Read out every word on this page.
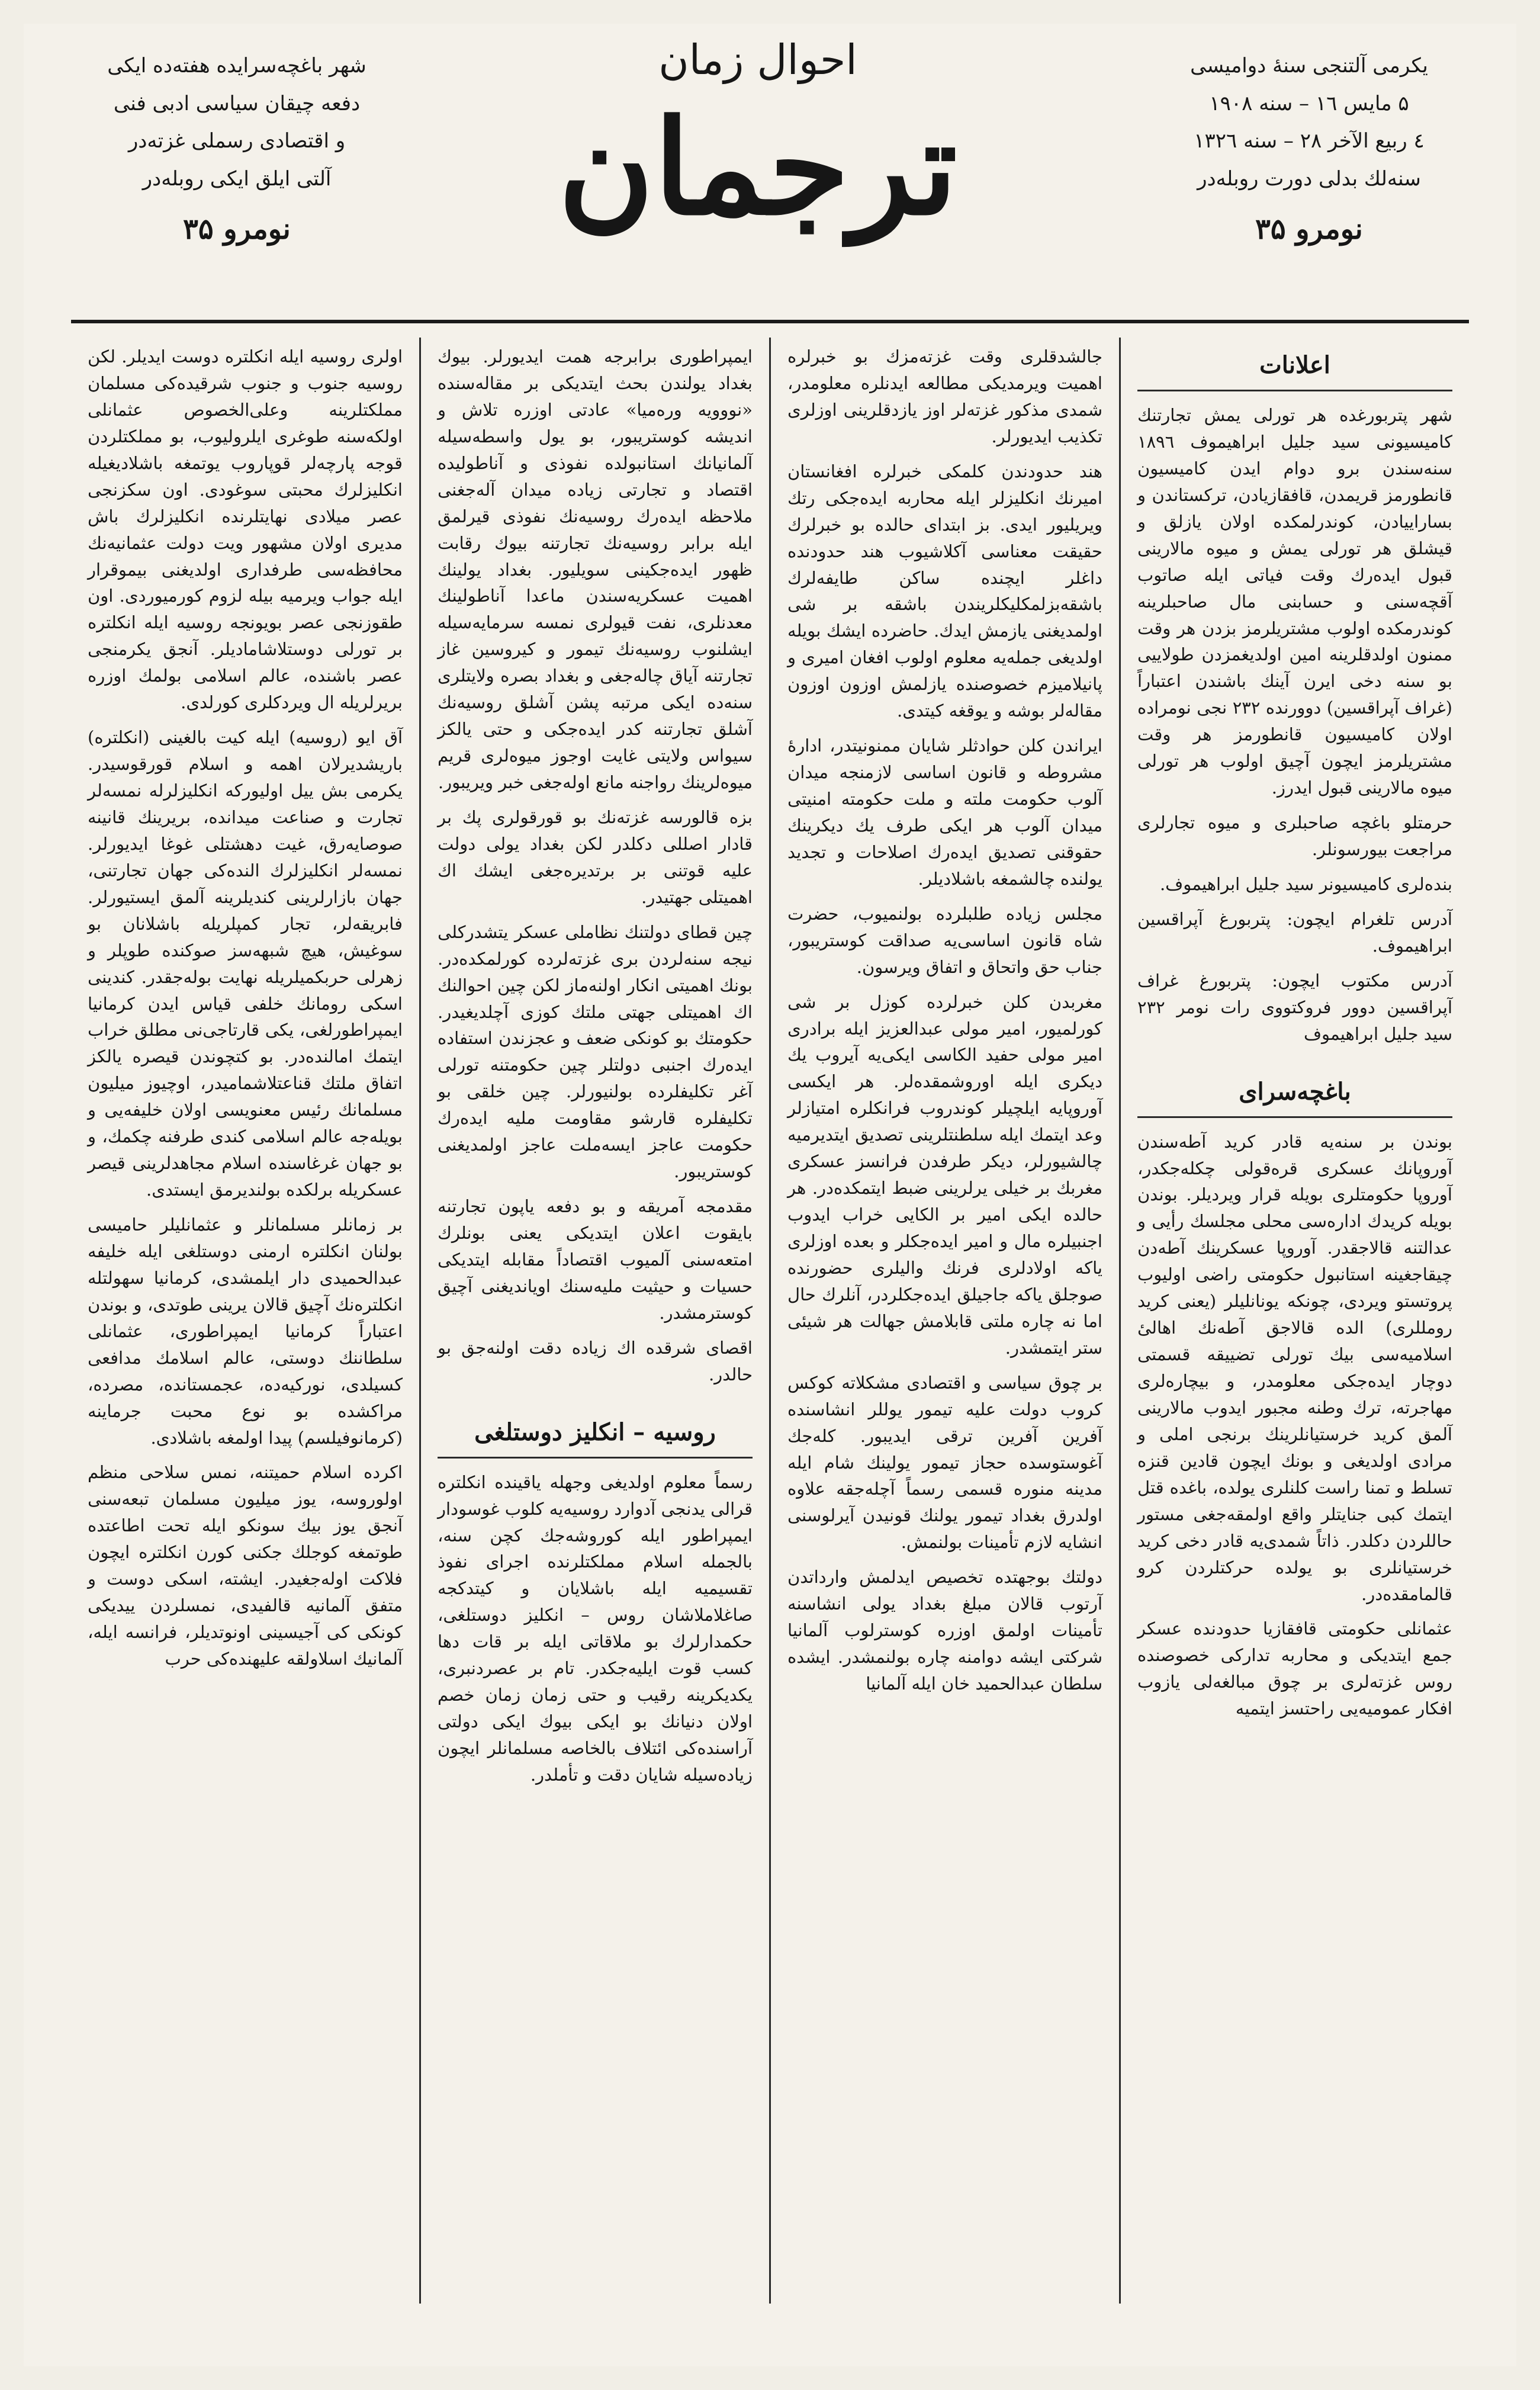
یکرمی آلتنجی سنهٔ دوامیسی
۵ مایس ۱٦ – سنه ۱۹۰۸
٤ ربیع الآخر ۲۸ – سنه ۱۳۲٦
سنه‌لك بدلی دورت روبله‌در
نومرو ۳۵
احوال زمان
ترجمان
شهر باغچه‌سرایده هفته‌ده ایکی
دفعه چیقان سیاسی ادبی فنی
و اقتصادی رسملی غزته‌در
آلتی ایلق ایکی روبله‌در
نومرو ۳۵
اعلانات

شهر پتربورغده هر تورلی یمش تجارتنك کامیسیونی سید جلیل ابراهیموف ۱۸۹٦ سنه‌سندن برو دوام ایدن کامیسیون قانطورمز قریمدن، قافقازیادن، ترکستاندن و بساراییادن، کوندرلمکده اولان یازلق و قیشلق هر تورلی یمش و میوه مالارینی قبول ایده‌رك وقت فیاتی ایله صاتوب آقچه‌سنی و حسابنی مال صاحبلرینه کوندرمکده اولوب مشتریلرمز بزدن هر وقت ممنون اولدقلرینه امین اولدیغمزدن طولاییی بو سنه دخی ایرن آینك باشندن اعتباراً (غراف آپراقسین) دوورنده ۲۳۲ نجی نومراده اولان کامیسیون قانطورمز هر وقت مشتریلرمز ایچون آچیق اولوب هر تورلی میوه مالارینی قبول ایدرز.

حرمتلو باغچه صاحبلری و میوه تجارلری مراجعت بیورسونلر.

بنده‌لری کامیسیونر سید جلیل ابراهیموف.

آدرس تلغرام ایچون: پتربورغ آپراقسین ابراهیموف.

آدرس مکتوب ایچون: پتربورغ غراف آپراقسین دوور فروکتووی رات نومر ۲۳۲ سید جلیل ابراهیموف

باغچه‌سرای

بوندن بر سنه‌یه قادر کرید آطه‌سندن آوروپانك عسکری قره‌قولی چکله‌جکدر، آوروپا حکومتلری بویله قرار ویردیلر. بوندن بویله کریدك اداره‌سی محلی مجلسك رأیی و عدالتنه قالاجقدر. آوروپا عسکرینك آطه‌دن چیقاجغینه استانبول حکومتی راضی اولیوب پروتستو ویردی، چونکه یونانلیلر (یعنی کرید رومللری) الده قالاجق آطه‌نك اهالیٔ اسلامیه‌سی بیك تورلی تضییقه قسمتی دوچار ایده‌جکی معلومدر، و بیچاره‌لری مهاجرته، ترك وطنه مجبور ایدوب مالارینی آلمق کرید خرستیانلرینك برنجی املی و مرادی اولدیغی و بونك ایچون قادین قنزه تسلط و تمنا راست کلنلری یولده، باغده قتل ایتمك کبی جنایتلر واقع اولمقه‌جغی مستور حاللردن دکلدر. ذاتاً شمدی‌یه قادر دخی کرید خرستیانلری بو یولده حرکتلردن کرو قالمامقده‌در.

عثمانلی حکومتی قافقازیا حدودنده عسکر جمع ایتدیکی و محاربه تدارکی خصوصنده روس غزته‌لری بر چوق مبالغه‌لی یازوب افکار عمومیه‌یی راحتسز ایتمیه

جالشدقلری وقت غزته‌مزك بو خبرلره اهمیت ویرمدیکی مطالعه ایدنلره معلومدر، شمدی مذکور غزته‌لر اوز یازدقلرینی اوزلری تکذیب ایدیورلر.

هند حدودندن کلمکی خبرلره افغانستان امیرنك انکلیزلر ایله محاربه ایده‌جکی رتك ویریلیور ایدی. بز ابتدای حالده بو خبرلرك حقیقت معناسی آکلاشیوب هند حدودنده داغلر ایچنده ساکن طایفه‌لرك باشقه‌بزلمکلیکلریندن باشقه بر شی اولمدیغنی یازمش ایدك. حاضرده ایشك بویله اولدیغی جمله‌یه معلوم اولوب افغان امیری و پانیلامیزم خصوصنده یازلمش اوزون اوزون مقاله‌لر بوشه و یوقغه کیتدی.

ایراندن کلن حوادثلر شایان ممنونیتدر، اداره‌ٔ مشروطه و قانون اساسی لازمنجه میدان آلوب حکومت ملته و ملت حکومته امنیتی میدان آلوب هر ایکی طرف یك دیکرینك حقوقنی تصدیق ایده‌رك اصلاحات و تجدید یولنده چالشمغه باشلادیلر.

مجلس زیاده طلبلرده بولنمیوب، حضرت شاه قانون اساسی‌یه صداقت کوستریبور، جناب حق واتحاق و اتفاق ویرسون.

مغربدن کلن خبرلرده کوزل بر شی کورلمیور، امیر مولی عبدالعزیز ایله برادری امیر مولی حفید الکاسی ایکی‌یه آیروب یك دیکری ایله اورو‌شمقده‌لر. هر ایکسی آوروپایه ایلچیلر کوندروب فرانکلره امتیازلر وعد ایتمك ایله سلطنتلرینی تصدیق ایتدیرمیه چالشیورلر، دیکر طرفدن فرانسز عسکری مغربك بر خیلی یرلرینی ضبط ایتمکده‌در. هر حالده ایکی امیر بر الکایی خراب ایدوب اجنبیلره مال و امیر ایده‌جکلر و بعده اوزلری یاکه اولادلری فرنك والیلری حضورنده صوجلق یاکه جاجیلق ایده‌جکلردر، آنلرك حال اما نه چاره ملتی قابلامش جهالت هر شیئی ستر ایتمشدر.

بر چوق سیاسی و اقتصادی مشکلاته کوکس کروب دولت علیه تیمور یوللر انشاسنده آفرین آفرین ترقی ایدیبور. کله‌جك آغوستوسده حجاز تیمور یولینك شام ایله مدینه منوره قسمی رسماً آچله‌جقه علاوه اولدرق بغداد تیمور یولنك قونیدن آیرلوسنی انشایه لازم تأمینات بولنمش.

دولتك بوجهتده تخصیص ایدلمش وارداتدن آرتوب قالان مبلغ بغداد یولی انشاسنه تأمینات اولمق اوزره کوسترلوب آلمانیا شرکتی ایشه دوامنه چاره بولنمشدر. ایشده سلطان عبدالحمید خان ایله آلمانیا

ایمپراطوری برابرجه همت ایدیورلر. بیوك بغداد یولندن بحث ایتدیکی بر مقاله‌سنده «نووویه وره‌میا» عادتی اوزره تلاش و اندیشه کوستریبور، بو یول واسطه‌سیله آلمانیانك استانبولده نفوذی و آناطولیده اقتصاد و تجارتی زیاده میدان آله‌جغنی ملاحظه ایده‌رك روسیه‌نك نفوذی قیرلمق ایله برابر روسیه‌نك تجارتنه بیوك رقابت ظهور ایده‌جکینی سویلیور. بغداد یولینك اهمیت عسکریه‌سندن ماعدا آناطولینك معدنلری، نفت قیولری نمسه سرمایه‌سیله ایشلنوب روسیه‌نك تیمور و کیروسین غاز تجارتنه آیاق چاله‌جغی و بغداد بصره ولایتلری سنه‌ده ایکی مرتبه پشن آشلق روسیه‌نك آشلق تجارتنه کدر ایده‌جکی و حتی یالکز سیواس ولایتی غایت اوجوز میوه‌لری قریم میوه‌لرینك رواجنه مانع اوله‌جغی خبر ویریبور.

بزه قالورسه غزته‌نك بو قورقولری پك بر قادار اصللی دکلدر لکن بغداد یولی دولت علیه قوتنی بر برتدیره‌جغی ایشك اك اهمیتلی جهتیدر.

چین قطای دولتنك نظاملی عسکر یتشدرکلی نیجه سنه‌لردن بری غزته‌لرده کورلمکده‌در. بونك اهمیتی انکار اولنه‌ماز لکن چین احوالنك اك اهمیتلی جهتی ملتك کوزی آچلدیغیدر. حکومتك بو کونکی ضعف و عجزندن استفاده ایده‌رك اجنبی دولتلر چین حکومتنه تورلی آغر تکلیفلرده بولنیورلر. چین خلقی بو تکلیفلره قارشو مقاومت ملیه ایده‌رك حکومت عاجز ایسه‌ملت عاجز اولمدیغنی کوستریبور.

مقدمجه آمریقه و بو دفعه یاپون تجارتنه بایقوت اعلان ایتدیکی یعنی بونلرك امتعه‌سنی آلمیوب اقتصاداً مقابله ایتدیکی حسیات و حیثیت ملیه‌سنك اویاندیغنی آچیق کوسترمشدر.

اقصای شرقده اك زیاده دقت اولنه‌جق بو حالدر.

روسیه – انکلیز دوستلغی

رسماً معلوم اولدیغی وجهله یاقینده انکلتره قرالی یدنجی آدوارد روسیه‌یه کلوب غوسودار ایمپراطور ایله کوروشه‌جك کچن سنه، بالجمله اسلام مملکتلرنده اجرای نفوذ تقسیمیه ایله باشلایان و کیتدکجه صاغلاملاشان روس – انکلیز دوستلغی، حکمدارلرك بو ملاقاتی ایله بر قات دها کسب قوت ایلیه‌جکدر. تام بر عصر‌دنبری، یکدیکرینه رقیب و حتی زمان زمان خصم اولان دنیانك بو ایکی بیوك ایکی دولتی آراسنده‌کی ائتلاف بالخاصه مسلمانلر ایچون زیاده‌سیله شایان دقت و تأملدر.

اولری روسیه ایله انکلتره دوست ایدیلر. لکن روسیه جنوب و جنوب شرقیده‌کی مسلمان مملکتلرینه وعلی‌الخصوص عثمانلی اولکه‌سنه طوغری ایلرولیوب، بو مملکتلردن قوجه پارچه‌لر قوپاروب یوتمغه باشلادیغیله انکلیزلرك محبتی سوغودی. اون سکزنجی عصر میلادی نهایتلرنده انکلیزلرك باش مدیری اولان مشهور ویت دولت عثمانیه‌نك محافظه‌سی طرفداری اولدیغنی بیموقرار ایله جواب ویرمیه بیله لزوم کورمیوردی. اون طقوزنجی عصر بویونجه روسیه ایله انکلتره بر تورلی دوستلاشامادیلر. آنجق یکرمنجی عصر باشنده، عالم اسلامی بولمك اوزره بریرلریله ال ویردکلری کورلدی.

آق ایو (روسیه) ایله کیت بالغینی (انکلتره) باریشدیرلان اهمه و اسلام قورقوسیدر. یکرمی بش ییل اولیورکه انکلیزلرله نمسه‌لر تجارت و صناعت میدانده، بریرینك قانینه صوصایه‌رق، غیت دهشتلی غوغا ایدیورلر. نمسه‌لر انکلیزلرك النده‌کی جهان تجارتنی، جهان بازارلرینی کندیلرینه آلمق ایستیورلر. فابریقه‌لر، تجار کمپلریله باشلانان بو سوغیش، هیچ شبهه‌سز صوکنده طوپلر و زهرلی حربکمیلریله نهایت بوله‌جقدر. کندینی اسکی رومانك خلفی قیاس ایدن کرمانیا ایمپراطورلغی، یکی قارتاجی‌نی مطلق خراب ایتمك امالنده‌در. بو کتچوندن قیصره یالکز اتفاق ملتك قناعتلاشمامیدر، اوچیوز میلیون مسلمانك رئیس معنویسی اولان خلیفه‌یی و بویله‌جه عالم اسلامی کندی طرفنه چکمك، و بو جهان غرغاسنده اسلام مجاهدلرینی قیصر عسکریله برلکده بولندیرمق ایستدی.

بر زمانلر مسلمانلر و عثمانلیلر حامیسی بولنان انکلتره ارمنی دوستلغی ایله خلیفه عبدالحمیدی دار ایلمشدی، کرمانیا سهولتله انکلتره‌نك آچیق قالان یرینی طوتدی، و بوندن اعتباراً کرمانیا ایمپراطوری، عثمانلی سلطاننك دوستی، عالم اسلامك مدافعی کسیلدی، نورکیه‌ده، عجمستانده، مصرده، مراکشده بو نوع محبت جرماینه (کرمانوفیلسم) پیدا اولمغه باشلادی.

اکرده اسلام حمیتنه، نمس سلاحی منظم اولوروسه، یوز میلیون مسلمان تبعه‌سنی آنجق یوز بیك سونکو ایله تحت اطاعتده طوتمغه کوجلك جکنی کورن انکلتره ایچون فلاکت اوله‌جغیدر. ایشته، اسکی دوست و متفق آلمانیه قالفیدی، نمسلردن ییدیکی کونكی کی آجیسینی اونوتدیلر، فرانسه ایله، آلمانیك اسلاولقه علیهنده‌کی حرب
